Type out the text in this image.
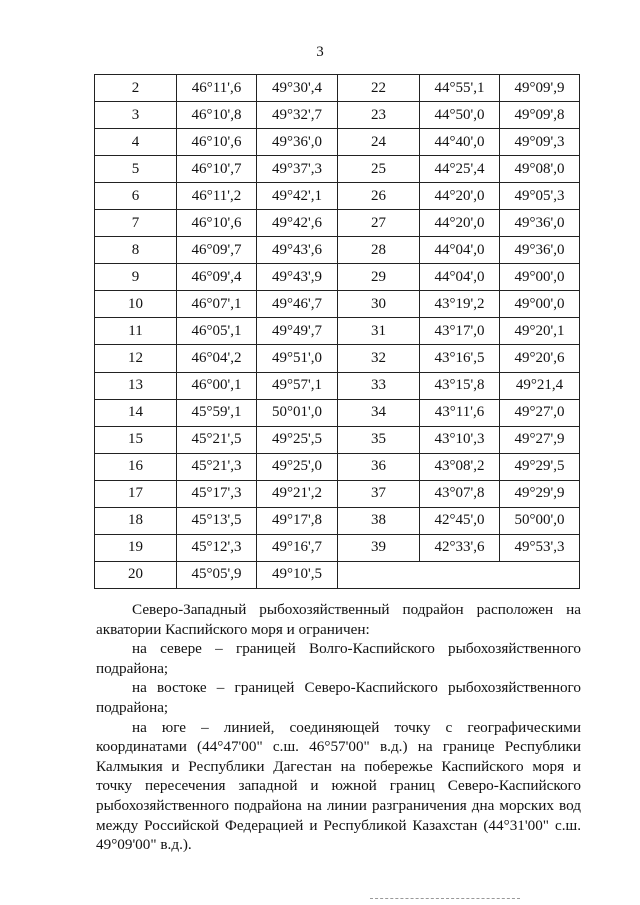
3
2	46°11',6	49°30',4	22	44°55',1	49°09',9
3	46°10',8	49°32',7	23	44°50',0	49°09',8
4	46°10',6	49°36',0	24	44°40',0	49°09',3
5	46°10',7	49°37',3	25	44°25',4	49°08',0
6	46°11',2	49°42',1	26	44°20',0	49°05',3
7	46°10',6	49°42',6	27	44°20',0	49°36',0
8	46°09',7	49°43',6	28	44°04',0	49°36',0
9	46°09',4	49°43',9	29	44°04',0	49°00',0
10	46°07',1	49°46',7	30	43°19',2	49°00',0
11	46°05',1	49°49',7	31	43°17',0	49°20',1
12	46°04',2	49°51',0	32	43°16',5	49°20',6
13	46°00',1	49°57',1	33	43°15',8	49°21,4
14	45°59',1	50°01',0	34	43°11',6	49°27',0
15	45°21',5	49°25',5	35	43°10',3	49°27',9
16	45°21',3	49°25',0	36	43°08',2	49°29',5
17	45°17',3	49°21',2	37	43°07',8	49°29',9
18	45°13',5	49°17',8	38	42°45',0	50°00',0
19	45°12',3	49°16',7	39	42°33',6	49°53',3
20	45°05',9	49°10',5			

Северо-Западный рыбохозяйственный подрайон расположен на акватории Каспийского моря и ограничен:

на севере – границей Волго-Каспийского рыбохозяйственного подрайона;

на востоке – границей Северо-Каспийского рыбохозяйственного подрайона;

на юге – линией, соединяющей точку с географическими координатами (44°47'00" с.ш. 46°57'00" в.д.) на границе Республики Калмыкия и Республики Дагестан на побережье Каспийского моря и точку пересечения западной и южной границ Северо-Каспийского рыбохозяйственного подрайона на линии разграничения дна морских вод между Российской Федерацией и Республикой Казахстан (44°31'00" с.ш. 49°09'00" в.д.).
